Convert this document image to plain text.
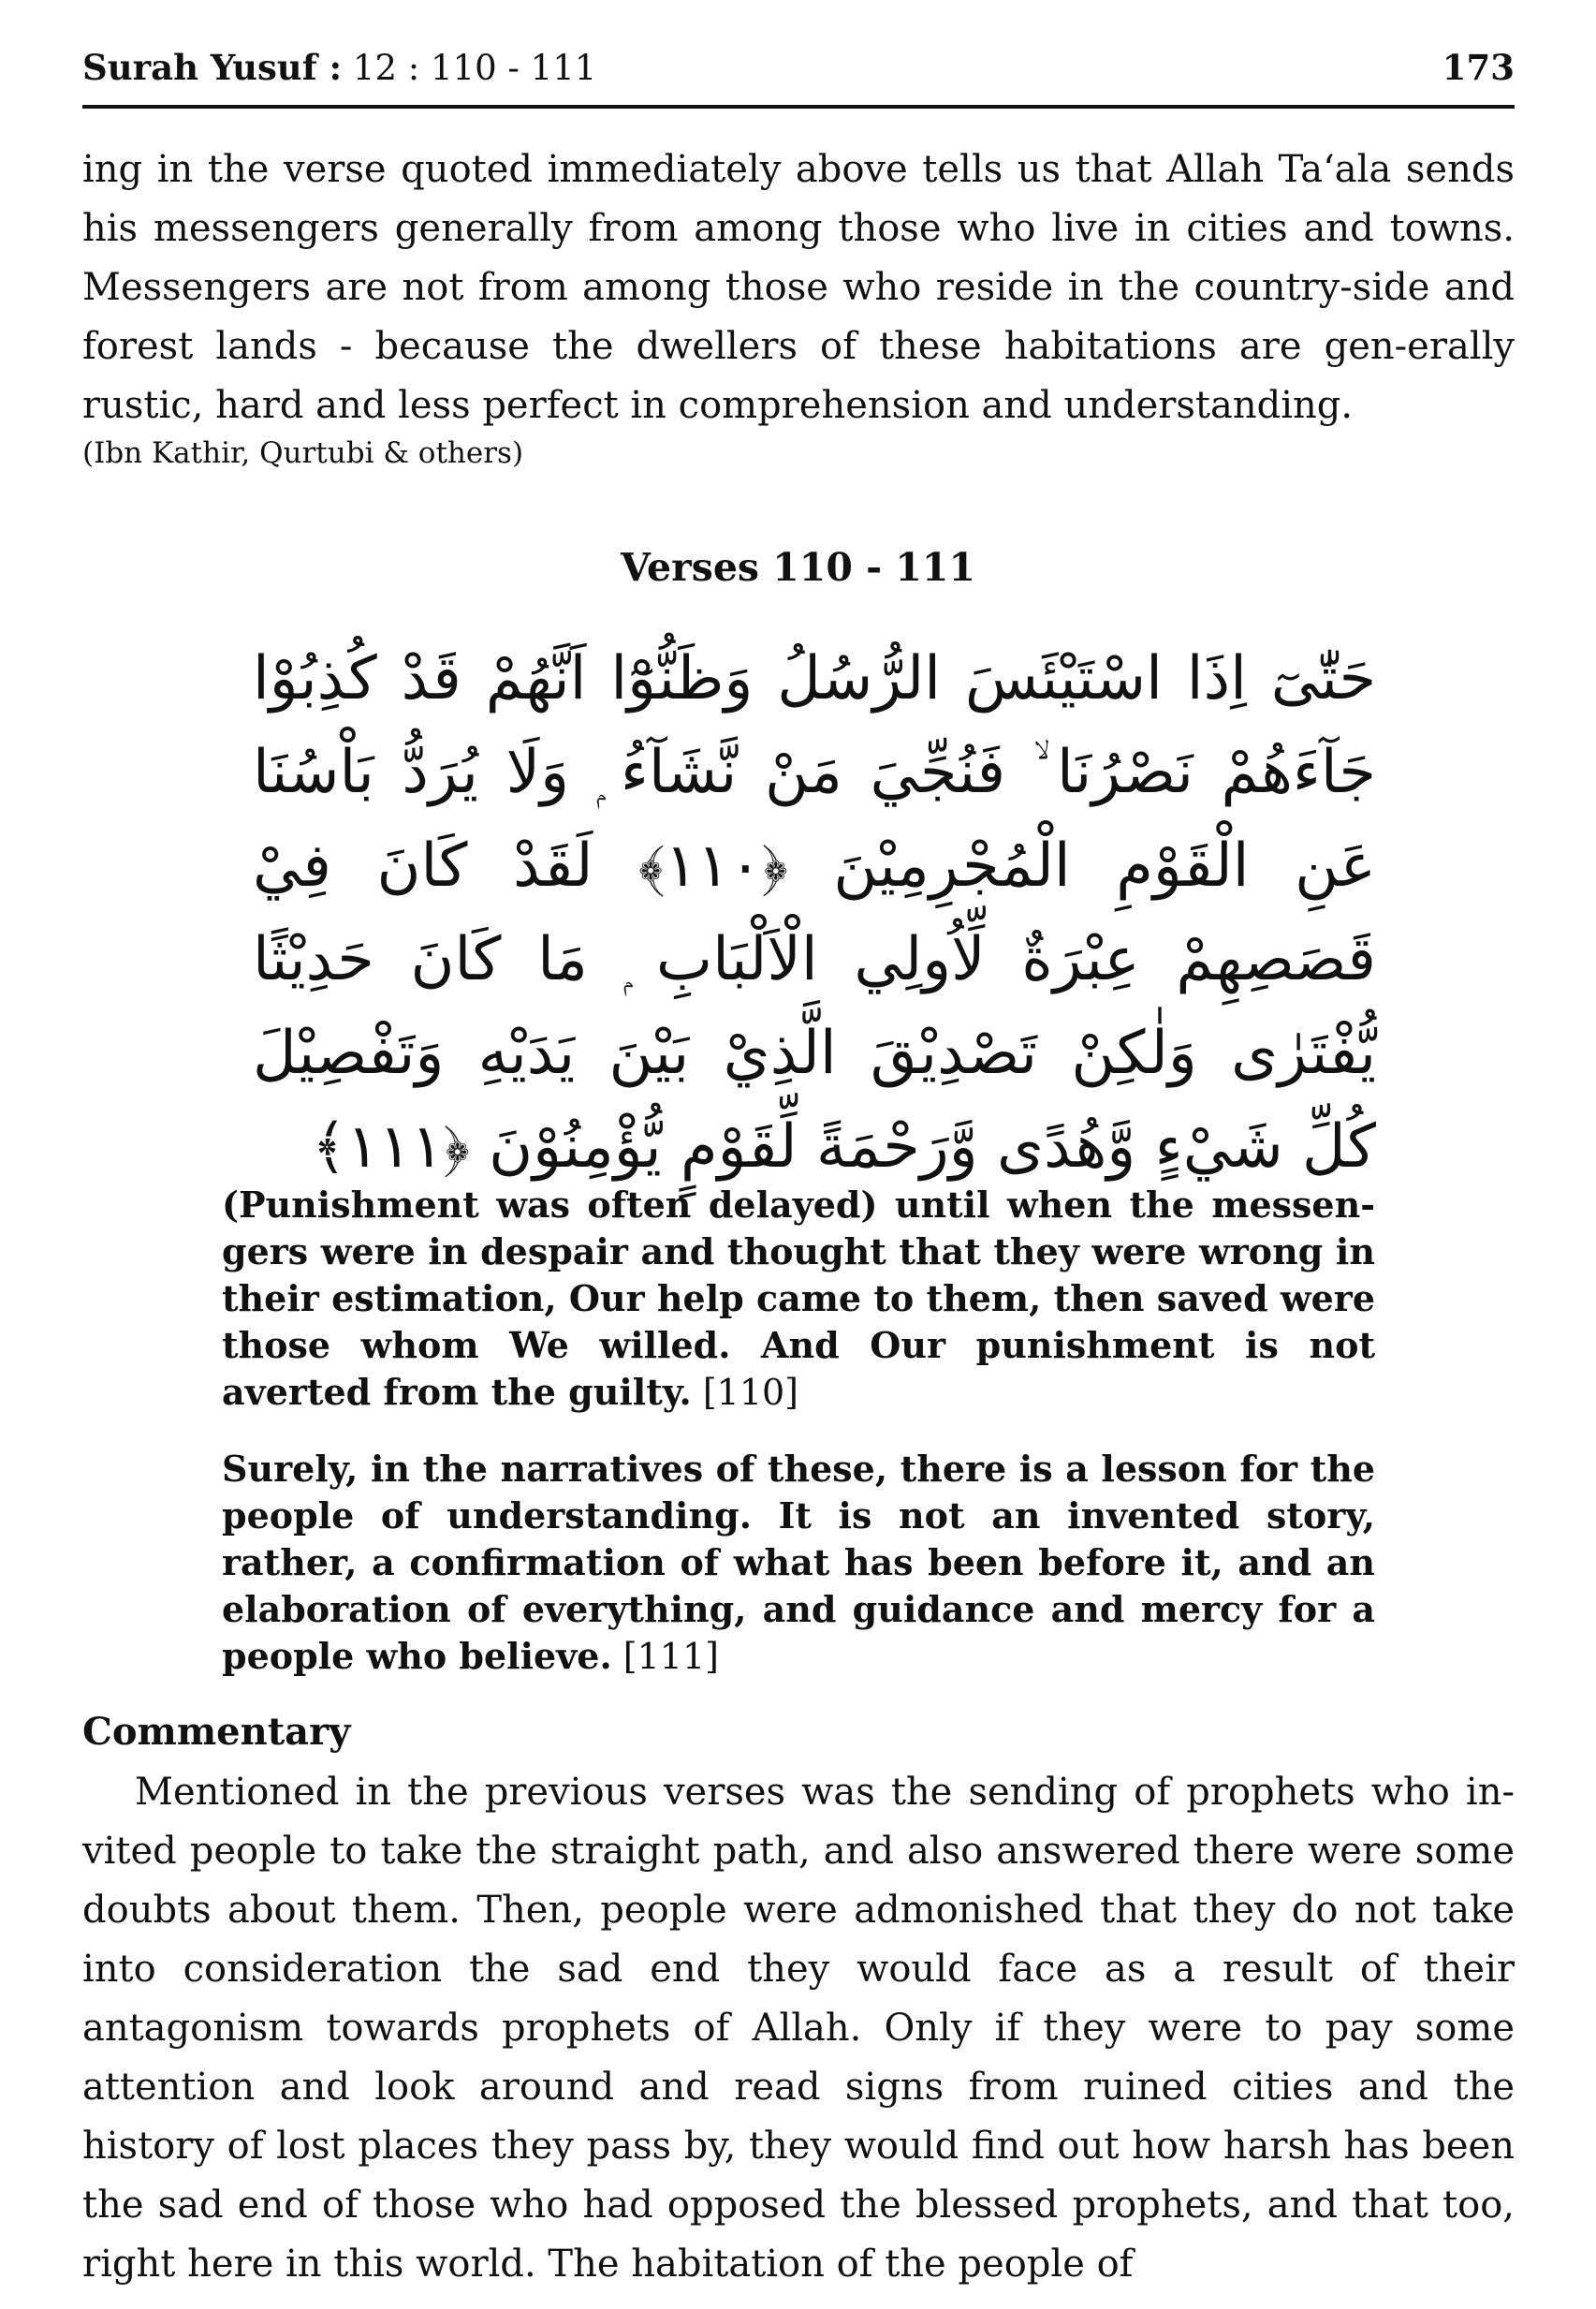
Surah Yusuf : 12 : 110 - 111	173

ing in the verse quoted immediately above tells us that Allah Ta‘ala sends his messengers generally from among those who live in cities and towns. Messengers are not from among those who reside in the country-side and forest lands - because the dwellers of these habitations are gen-erally rustic, hard and less perfect in comprehension and understanding.

(Ibn Kathir, Qurtubi & others)

Verses 110 - 111

حَتّٰىٓ اِذَا اسْتَيْئَسَ الرُّسُلُ وَظَنُّوْٓا اَنَّهُمْ قَدْ كُذِبُوْا جَآءَهُمْ نَصْرُنَا ۙ فَنُجِّيَ مَنْ نَّشَآءُ ۭ وَلَا يُرَدُّ بَاْسُنَا عَنِ الْقَوْمِ الْمُجْرِمِيْنَ ﴿١١٠﴾ لَقَدْ كَانَ فِيْ قَصَصِهِمْ عِبْرَةٌ لِّاُولِي الْاَلْبَابِ ۭ مَا كَانَ حَدِيْثًا يُّفْتَرٰى وَلٰكِنْ تَصْدِيْقَ الَّذِيْ بَيْنَ يَدَيْهِ وَتَفْصِيْلَ كُلِّ شَيْءٍ وَّهُدًى وَّرَحْمَةً لِّقَوْمٍ يُّؤْمِنُوْنَ ﴿١١١﴾

(Punishment was often delayed) until when the messen-gers were in despair and thought that they were wrong in their estimation, Our help came to them, then saved were those whom We willed. And Our punishment is not averted from the guilty. [110]

Surely, in the narratives of these, there is a lesson for the people of understanding. It is not an invented story, rather, a confirmation of what has been before it, and an elaboration of everything, and guidance and mercy for a people who believe. [111]

Commentary

Mentioned in the previous verses was the sending of prophets who in-vited people to take the straight path, and also answered there were some doubts about them. Then, people were admonished that they do not take into consideration the sad end they would face as a result of their antagonism towards prophets of Allah. Only if they were to pay some attention and look around and read signs from ruined cities and the history of lost places they pass by, they would find out how harsh has been the sad end of those who had opposed the blessed prophets, and that too, right here in this world. The habitation of the people of
